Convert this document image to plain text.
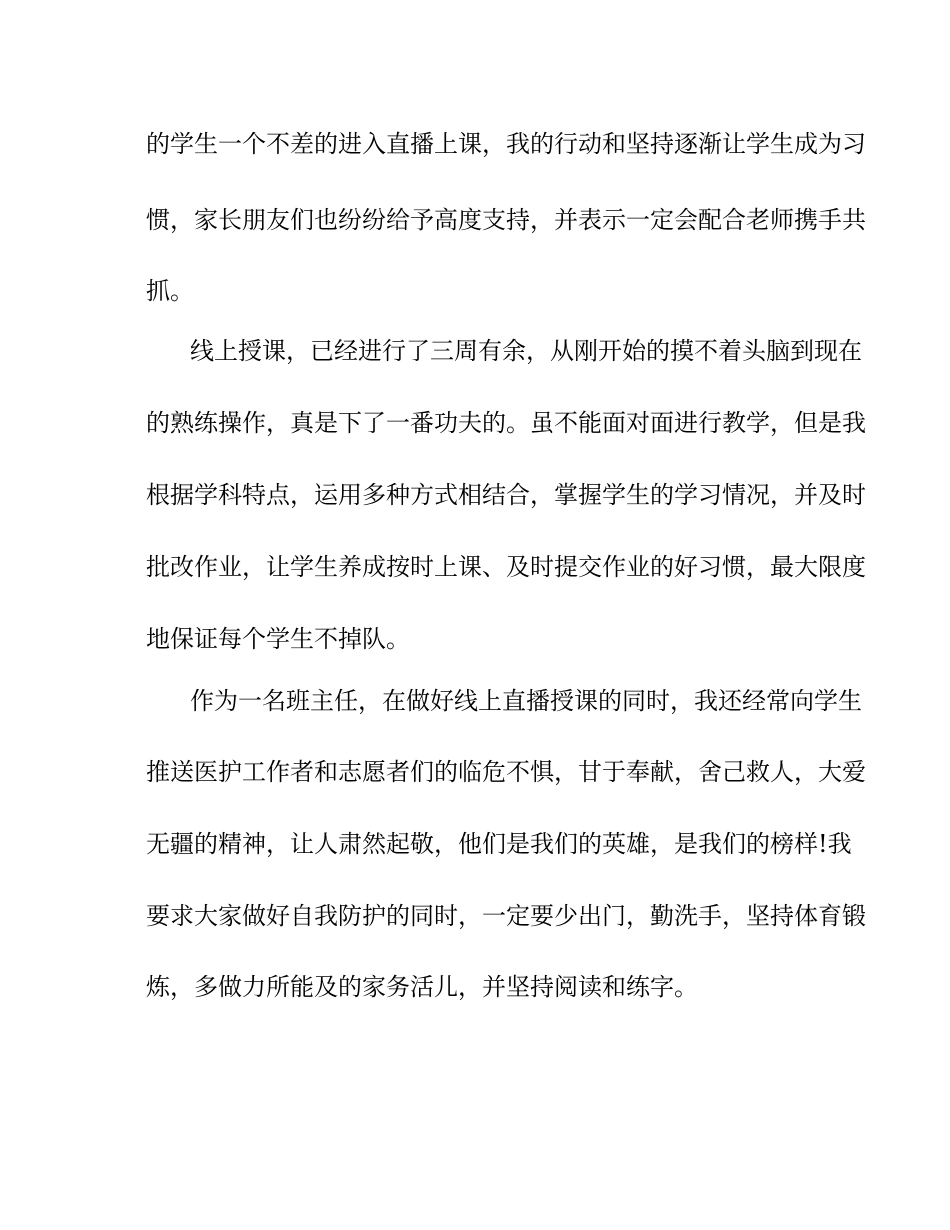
的学生一个不差的进入直播上课，我的行动和坚持逐渐让学生成为习
惯，家长朋友们也纷纷给予高度支持，并表示一定会配合老师携手共
抓。
线上授课，已经进行了三周有余，从刚开始的摸不着头脑到现在
的熟练操作，真是下了一番功夫的。虽不能面对面进行教学，但是我
根据学科特点，运用多种方式相结合，掌握学生的学习情况，并及时
批改作业，让学生养成按时上课、及时提交作业的好习惯，最大限度
地保证每个学生不掉队。
作为一名班主任，在做好线上直播授课的同时，我还经常向学生
推送医护工作者和志愿者们的临危不惧，甘于奉献，舍己救人，大爱
无疆的精神，让人肃然起敬，他们是我们的英雄，是我们的榜样!我
要求大家做好自我防护的同时，一定要少出门，勤洗手，坚持体育锻
炼，多做力所能及的家务活儿，并坚持阅读和练字。
